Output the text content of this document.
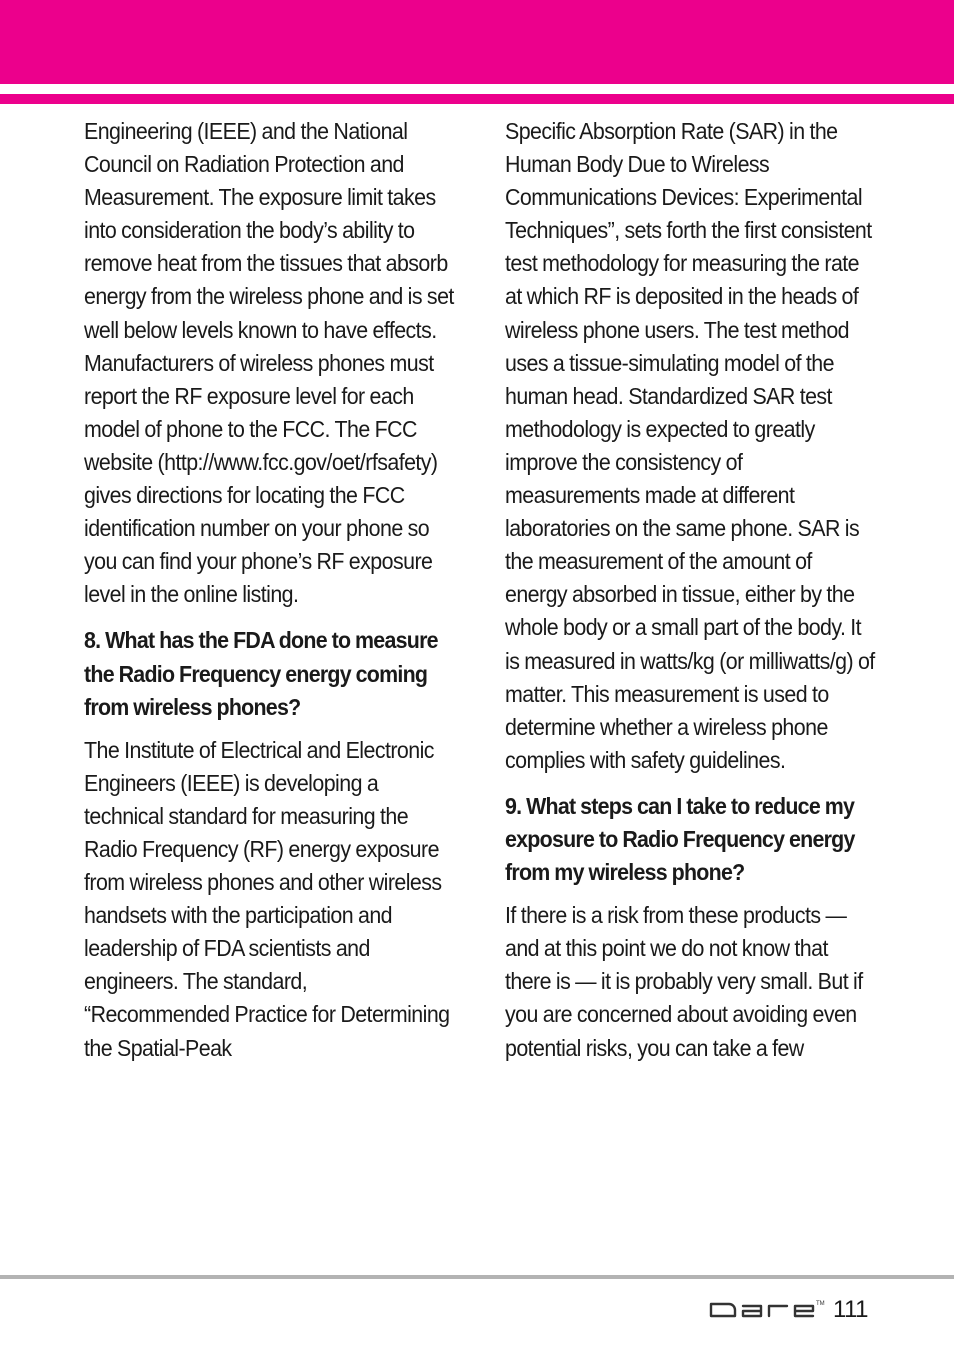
Engineering (IEEE) and the National Council on Radiation Protection and Measurement. The exposure limit takes into consideration the body’s ability to remove heat from the tissues that absorb energy from the wireless phone and is set well below levels known to have effects. Manufacturers of wireless phones must report the RF exposure level for each model of phone to the FCC. The FCC website (http://www.fcc.gov/oet/rfsafety) gives directions for locating the FCC identification number on your phone so you can find your phone’s RF exposure level in the online listing.

8. What has the FDA done to measure the Radio Frequency energy coming from wireless phones?

The Institute of Electrical and Electronic Engineers (IEEE) is developing a technical standard for measuring the Radio Frequency (RF) energy exposure from wireless phones and other wireless handsets with the participation and leadership of FDA scientists and engineers. The standard, “Recommended Practice for Determining the Spatial-Peak

Specific Absorption Rate (SAR) in the Human Body Due to Wireless Communications Devices: Experimental Techniques”, sets forth the first consistent test methodology for measuring the rate at which RF is deposited in the heads of wireless phone users. The test method uses a tissue-simulating model of the human head. Standardized SAR test methodology is expected to greatly improve the consistency of measurements made at different laboratories on the same phone. SAR is the measurement of the amount of energy absorbed in tissue, either by the whole body or a small part of the body. It is measured in watts/kg (or milliwatts/g) of matter. This measurement is used to determine whether a wireless phone complies with safety guidelines.

9. What steps can I take to reduce my exposure to Radio Frequency energy from my wireless phone?

If there is a risk from these products — and at this point we do not know that there is — it is probably very small. But if you are concerned about avoiding even potential risks, you can take a few

TM 111
